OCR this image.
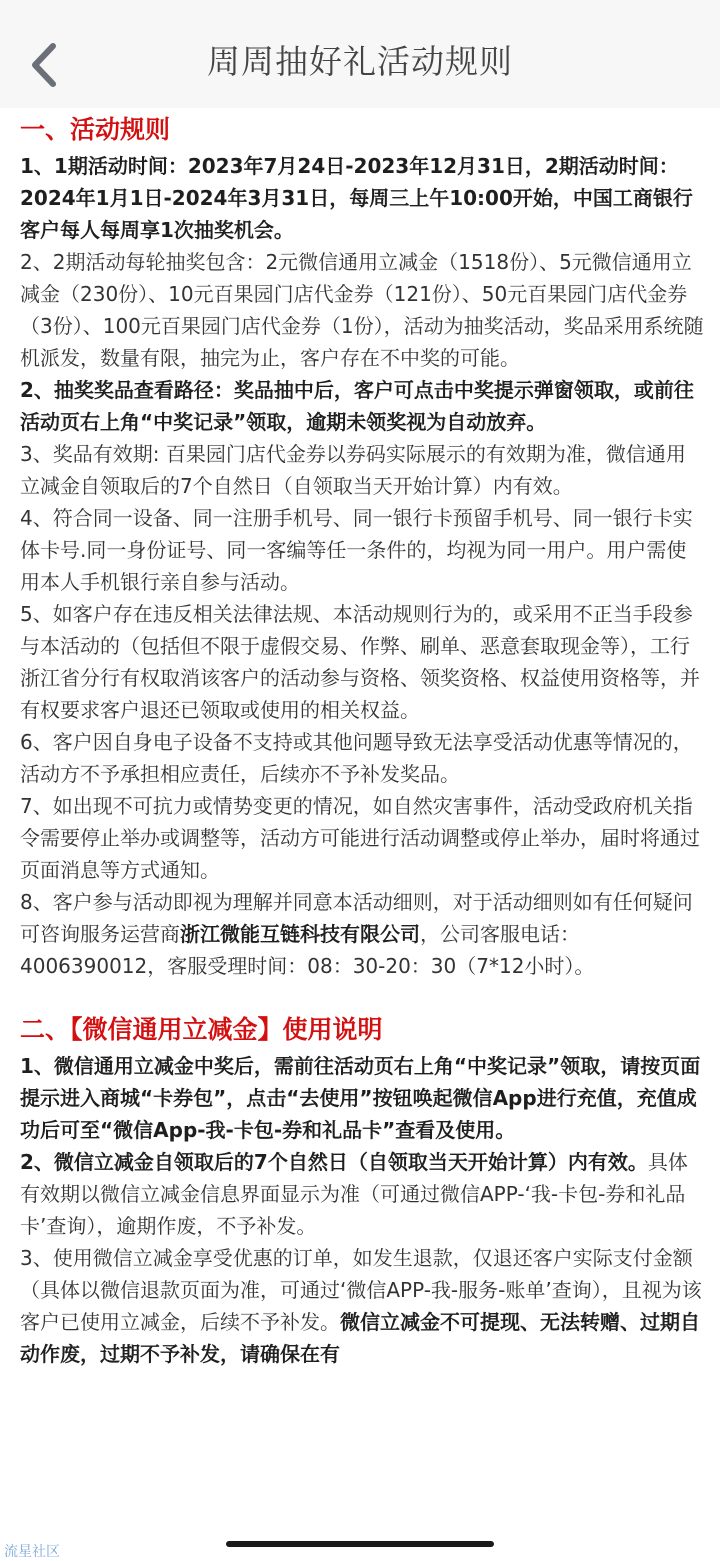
周周抽好礼活动规则
一、活动规则

1、1期活动时间：2023年7月24日-2023年12月31日，2期活动时间：2024年1月1日-2024年3月31日，每周三上午10:00开始，中国工商银行客户每人每周享1次抽奖机会。

2、2期活动每轮抽奖包含：2元微信通用立减金（1518份）、5元微信通用立减金（230份）、10元百果园门店代金券（121份）、50元百果园门店代金券（3份）、100元百果园门店代金券（1份），活动为抽奖活动，奖品采用系统随机派发，数量有限，抽完为止，客户存在不中奖的可能。

2、抽奖奖品查看路径：奖品抽中后，客户可点击中奖提示弹窗领取，或前往活动页右上角“中奖记录”领取，逾期未领奖视为自动放弃。

3、奖品有效期: 百果园门店代金券以券码实际展示的有效期为准，微信通用立减金自领取后的7个自然日（自领取当天开始计算）内有效。

4、符合同一设备、同一注册手机号、同一银行卡预留手机号、同一银行卡实体卡号.同一身份证号、同一客编等任一条件的，均视为同一用户。用户需使用本人手机银行亲自参与活动。

5、如客户存在违反相关法律法规、本活动规则行为的，或采用不正当手段参与本活动的（包括但不限于虚假交易、作弊、刷单、恶意套取现金等），工行浙江省分行有权取消该客户的活动参与资格、领奖资格、权益使用资格等，并有权要求客户退还已领取或使用的相关权益。

6、客户因自身电子设备不支持或其他问题导致无法享受活动优惠等情况的，活动方不予承担相应责任，后续亦不予补发奖品。

7、如出现不可抗力或情势变更的情况，如自然灾害事件，活动受政府机关指令需要停止举办或调整等，活动方可能进行活动调整或停止举办，届时将通过页面消息等方式通知。

8、客户参与活动即视为理解并同意本活动细则，对于活动细则如有任何疑问可咨询服务运营商浙江微能互链科技有限公司，公司客服电话：4006390012，客服受理时间：08：30-20：30（7*12小时）。

二、【微信通用立减金】使用说明

1、微信通用立减金中奖后，需前往活动页右上角“中奖记录”领取，请按页面提示进入商城“卡券包”，点击“去使用”按钮唤起微信App进行充值，充值成功后可至“微信App-我-卡包-券和礼品卡”查看及使用。

2、微信立减金自领取后的7个自然日（自领取当天开始计算）内有效。具体有效期以微信立减金信息界面显示为准（可通过微信APP-‘我-卡包-券和礼品卡’查询），逾期作废，不予补发。

3、使用微信立减金享受优惠的订单，如发生退款，仅退还客户实际支付金额（具体以微信退款页面为准，可通过‘微信APP-我-服务-账单’查询），且视为该客户已使用立减金，后续不予补发。微信立减金不可提现、无法转赠、过期自动作废，过期不予补发，请确保在有

流星社区
